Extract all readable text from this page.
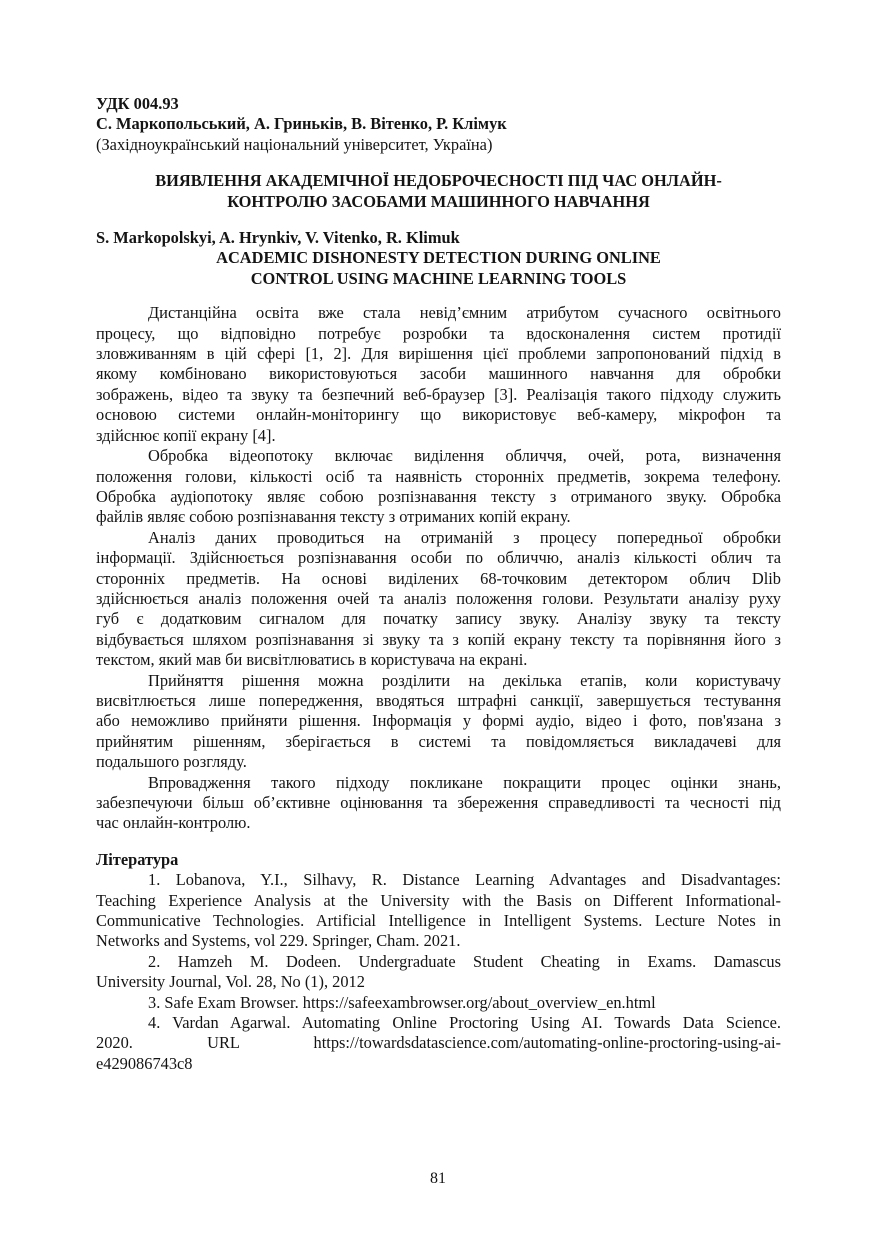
УДК 004.93
С. Маркопольський, А. Гриньків, В. Вітенко, Р. Клімук
(Західноукраїнський національний університет, Україна)
ВИЯВЛЕННЯ АКАДЕМІЧНОЇ НЕДОБРОЧЕСНОСТІ ПІД ЧАС ОНЛАЙН-
КОНТРОЛЮ ЗАСОБАМИ МАШИННОГО НАВЧАННЯ
S. Markopolskyi, A. Hrynkiv, V. Vitenko, R. Klimuk
ACADEMIC DISHONESTY DETECTION DURING ONLINE
CONTROL USING MACHINE LEARNING TOOLS
Дистанційна освіта вже стала невід’ємним атрибутом сучасного освітнього
процесу, що відповідно потребує розробки та вдосконалення систем протидії
зловживанням в цій сфері [1, 2]. Для вирішення цієї проблеми запропонований підхід в
якому комбіновано використовуються засоби машинного навчання для обробки
зображень, відео та звуку та безпечний веб-браузер [3]. Реалізація такого підходу служить
основою системи онлайн-моніторингу що використовує веб-камеру, мікрофон та
здійснює копії екрану [4].
Обробка відеопотоку включає виділення обличчя, очей, рота, визначення
положення голови, кількості осіб та наявність сторонніх предметів, зокрема телефону.
Обробка аудіопотоку являє собою розпізнавання тексту з отриманого звуку. Обробка
файлів являє собою розпізнавання тексту з отриманих копій екрану.
Аналіз даних проводиться на отриманій з процесу попередньої обробки
інформації. Здійснюється розпізнавання особи по обличчю, аналіз кількості облич та
сторонніх предметів. На основі виділених 68-точковим детектором облич Dlib
здійснюється аналіз положення очей та аналіз положення голови. Результати аналізу руху
губ є додатковим сигналом для початку запису звуку. Аналізу звуку та тексту
відбувається шляхом розпізнавання зі звуку та з копій екрану тексту та порівняння його з
текстом, який мав би висвітлюватись в користувача на екрані.
Прийняття рішення можна розділити на декілька етапів, коли користувачу
висвітлюється лише попередження, вводяться штрафні санкції, завершується тестування
або неможливо прийняти рішення. Інформація у формі аудіо, відео і фото, пов'язана з
прийнятим рішенням, зберігається в системі та повідомляється викладачеві для
подальшого розгляду.
Впровадження такого підходу покликане покращити процес оцінки знань,
забезпечуючи більш об’єктивне оцінювання та збереження справедливості та чесності під
час онлайн-контролю.
Література
1. Lobanova, Y.I., Silhavy, R. Distance Learning Advantages and Disadvantages:
Teaching Experience Analysis at the University with the Basis on Different Informational-
Communicative Technologies. Artificial Intelligence in Intelligent Systems. Lecture Notes in
Networks and Systems, vol 229. Springer, Cham. 2021.
2. Hamzeh M. Dodeen. Undergraduate Student Cheating in Exams. Damascus
University Journal, Vol. 28, No (1), 2012
3. Safe Exam Browser. https://safeexambrowser.org/about_overview_en.html
4. Vardan Agarwal. Automating Online Proctoring Using AI. Towards Data Science.
2020. URL https://towardsdatascience.com/automating-online-proctoring-using-ai-
e429086743c8
81
